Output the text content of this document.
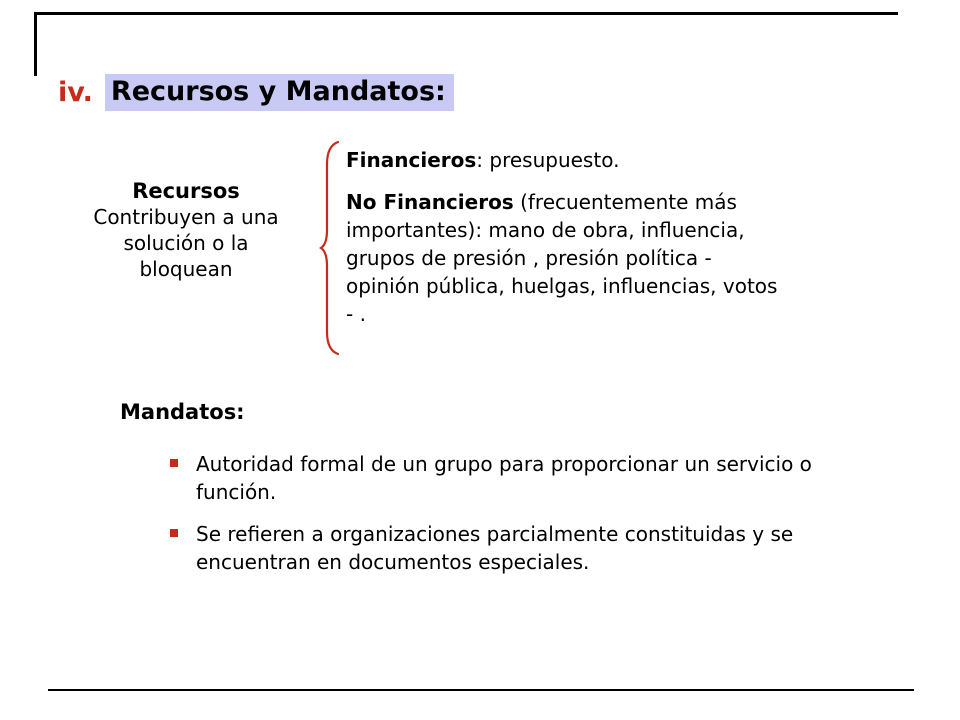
iv. Recursos y Mandatos:
Recursos
Contribuyen a una solución o la bloquean

Financieros: presupuesto.

No Financieros (frecuentemente más importantes): mano de obra, influencia, grupos de presión , presión política - opinión pública, huelgas, influencias, votos - .

Mandatos:
Autoridad formal de un grupo para proporcionar un servicio o función.
Se refieren a organizaciones parcialmente constituidas y se encuentran en documentos especiales.
